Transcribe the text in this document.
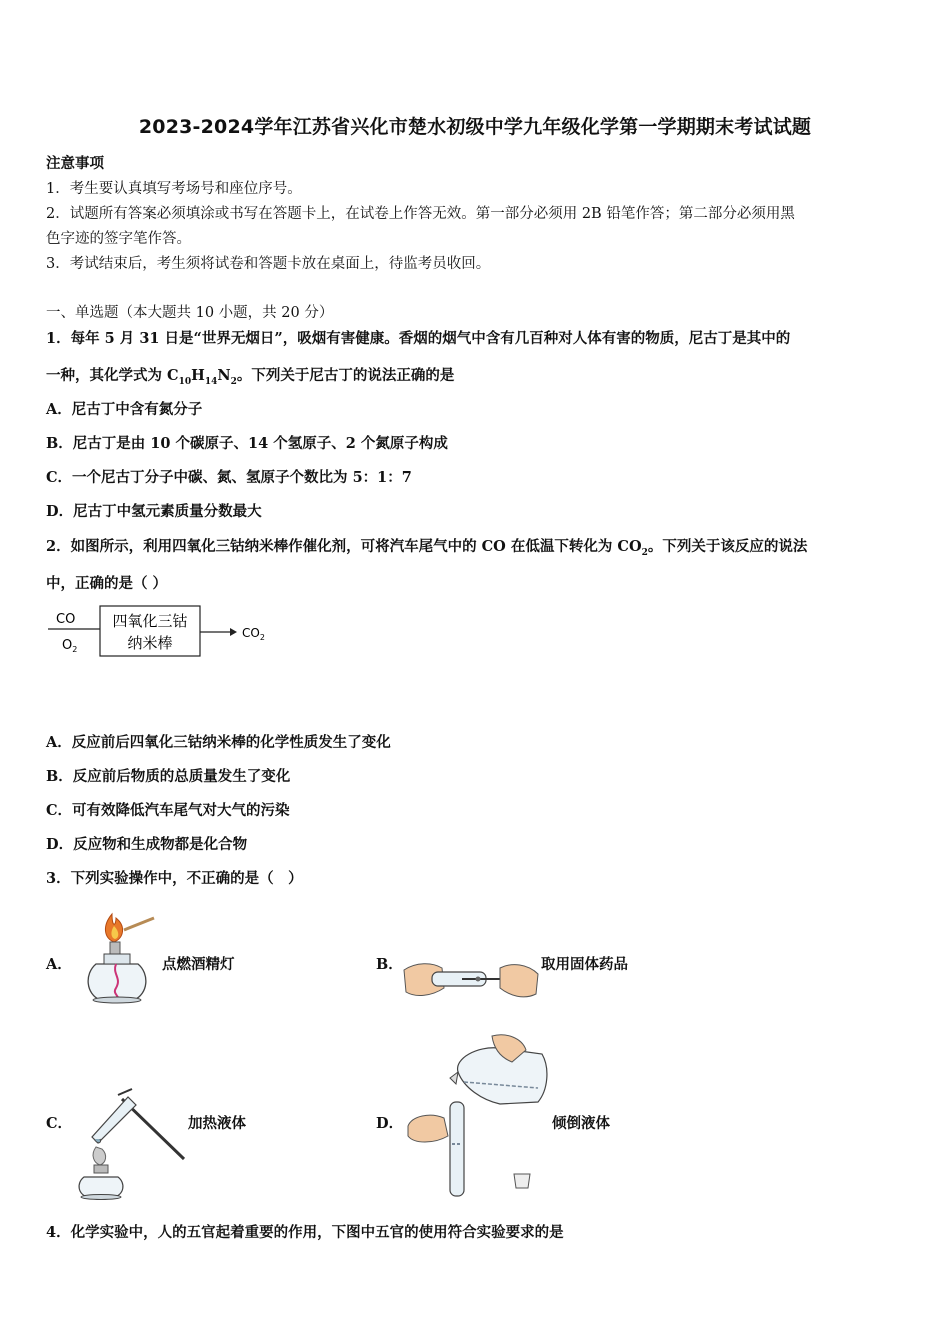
2023-2024学年江苏省兴化市楚水初级中学九年级化学第一学期期末考试试题
注意事项
1．考生要认真填写考场号和座位序号。
2．试题所有答案必须填涂或书写在答题卡上，在试卷上作答无效。第一部分必须用 2B 铅笔作答；第二部分必须用黑
色字迹的签字笔作答。
3．考试结束后，考生须将试卷和答题卡放在桌面上，待监考员收回。
一、单选题（本大题共 10 小题，共 20 分）
1．每年 5 月 31 日是“世界无烟日”，吸烟有害健康。香烟的烟气中含有几百种对人体有害的物质，尼古丁是其中的
一种，其化学式为 $C_{10}H_{14}N_2$。下列关于尼古丁的说法正确的是
A．尼古丁中含有氮分子
B．尼古丁是由 10 个碳原子、14 个氢原子、2 个氮原子构成
C．一个尼古丁分子中碳、氮、氢原子个数比为 5：1：7
D．尼古丁中氢元素质量分数最大
2．如图所示，利用四氧化三钴纳米棒作催化剂，可将汽车尾气中的 CO 在低温下转化为 $CO_2$。下列关于该反应的说法
中，正确的是（ ）
CO
$O_2$
四氧化三钴
纳米棒
$CO_2$
A．反应前后四氧化三钴纳米棒的化学性质发生了变化
B．反应前后物质的总质量发生了变化
C．可有效降低汽车尾气对大气的污染
D．反应物和生成物都是化合物
3．下列实验操作中，不正确的是（　）
A．	点燃酒精灯	B．	取用固体药品
C．	加热液体	D．	倾倒液体
4．化学实验中，人的五官起着重要的作用，下图中五官的使用符合实验要求的是
